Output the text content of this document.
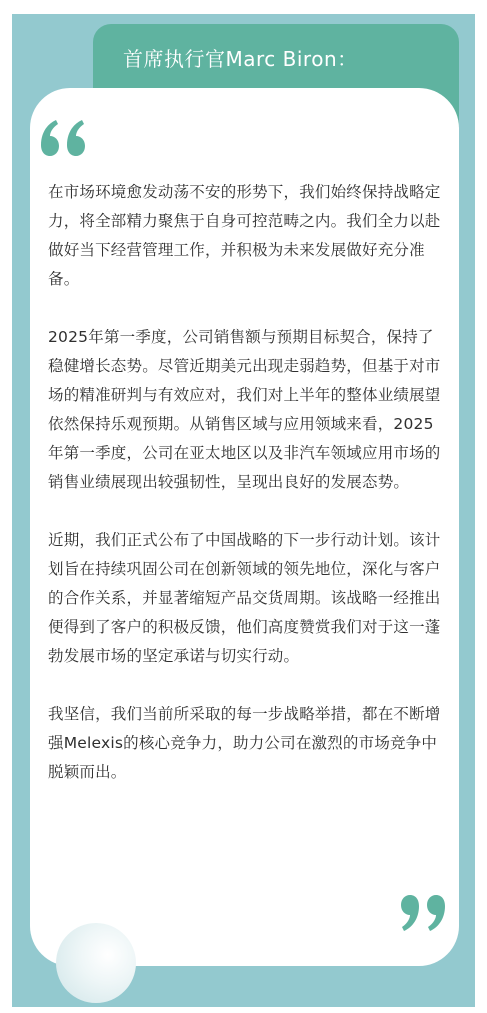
首席执行官Marc Biron：

在市场环境愈发动荡不安的形势下，我们始终保持战略定力，将全部精力聚焦于自身可控范畴之内。我们全力以赴做好当下经营管理工作，并积极为未来发展做好充分准备。

2025年第一季度，公司销售额与预期目标契合，保持了稳健增长态势。尽管近期美元出现走弱趋势，但基于对市场的精准研判与有效应对，我们对上半年的整体业绩展望依然保持乐观预期。从销售区域与应用领域来看，2025年第一季度，公司在亚太地区以及非汽车领域应用市场的销售业绩展现出较强韧性，呈现出良好的发展态势。

近期，我们正式公布了中国战略的下一步行动计划。该计划旨在持续巩固公司在创新领域的领先地位，深化与客户的合作关系，并显著缩短产品交货周期。该战略一经推出便得到了客户的积极反馈，他们高度赞赏我们对于这一蓬勃发展市场的坚定承诺与切实行动。

我坚信，我们当前所采取的每一步战略举措，都在不断增强Melexis的核心竞争力，助力公司在激烈的市场竞争中脱颖而出。
